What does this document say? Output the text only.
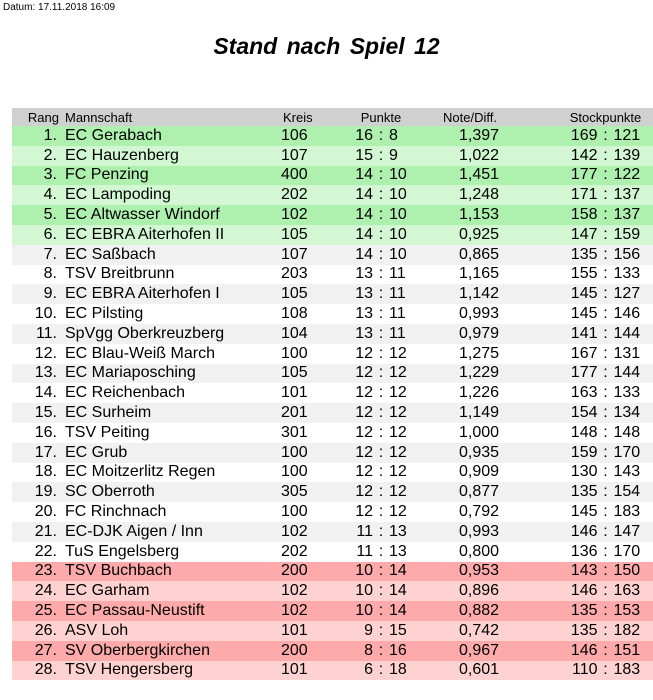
Datum: 17.11.2018 16:09
Stand nach Spiel 12
Rang	Mannschaft	Kreis	Punkte	Note/Diff.	Stockpunkte
1.	EC Gerabach	106	16 : 8	1,397	169 : 121

2.	EC Hauzenberg	107	15 : 9	1,022	142 : 139

3.	FC Penzing	400	14 : 10	1,451	177 : 122

4.	EC Lampoding	202	14 : 10	1,248	171 : 137

5.	EC Altwasser Windorf	102	14 : 10	1,153	158 : 137

6.	EC EBRA Aiterhofen II	105	14 : 10	0,925	147 : 159

7.	EC Saßbach	107	14 : 10	0,865	135 : 156

8.	TSV Breitbrunn	203	13 : 11	1,165	155 : 133

9.	EC EBRA Aiterhofen I	105	13 : 11	1,142	145 : 127

10.	EC Pilsting	108	13 : 11	0,993	145 : 146

11.	SpVgg Oberkreuzberg	104	13 : 11	0,979	141 : 144

12.	EC Blau-Weiß March	100	12 : 12	1,275	167 : 131

13.	EC Mariaposching	105	12 : 12	1,229	177 : 144

14.	EC Reichenbach	101	12 : 12	1,226	163 : 133

15.	EC Surheim	201	12 : 12	1,149	154 : 134

16.	TSV Peiting	301	12 : 12	1,000	148 : 148

17.	EC Grub	100	12 : 12	0,935	159 : 170

18.	EC Moitzerlitz Regen	100	12 : 12	0,909	130 : 143

19.	SC Oberroth	305	12 : 12	0,877	135 : 154

20.	FC Rinchnach	100	12 : 12	0,792	145 : 183

21.	EC-DJK Aigen / Inn	102	11 : 13	0,993	146 : 147

22.	TuS Engelsberg	202	11 : 13	0,800	136 : 170

23.	TSV Buchbach	200	10 : 14	0,953	143 : 150

24.	EC Garham	102	10 : 14	0,896	146 : 163

25.	EC Passau-Neustift	102	10 : 14	0,882	135 : 153

26.	ASV Loh	101	9 : 15	0,742	135 : 182

27.	SV Oberbergkirchen	200	8 : 16	0,967	146 : 151

28.	TSV Hengersberg	101	6 : 18	0,601	110 : 183
